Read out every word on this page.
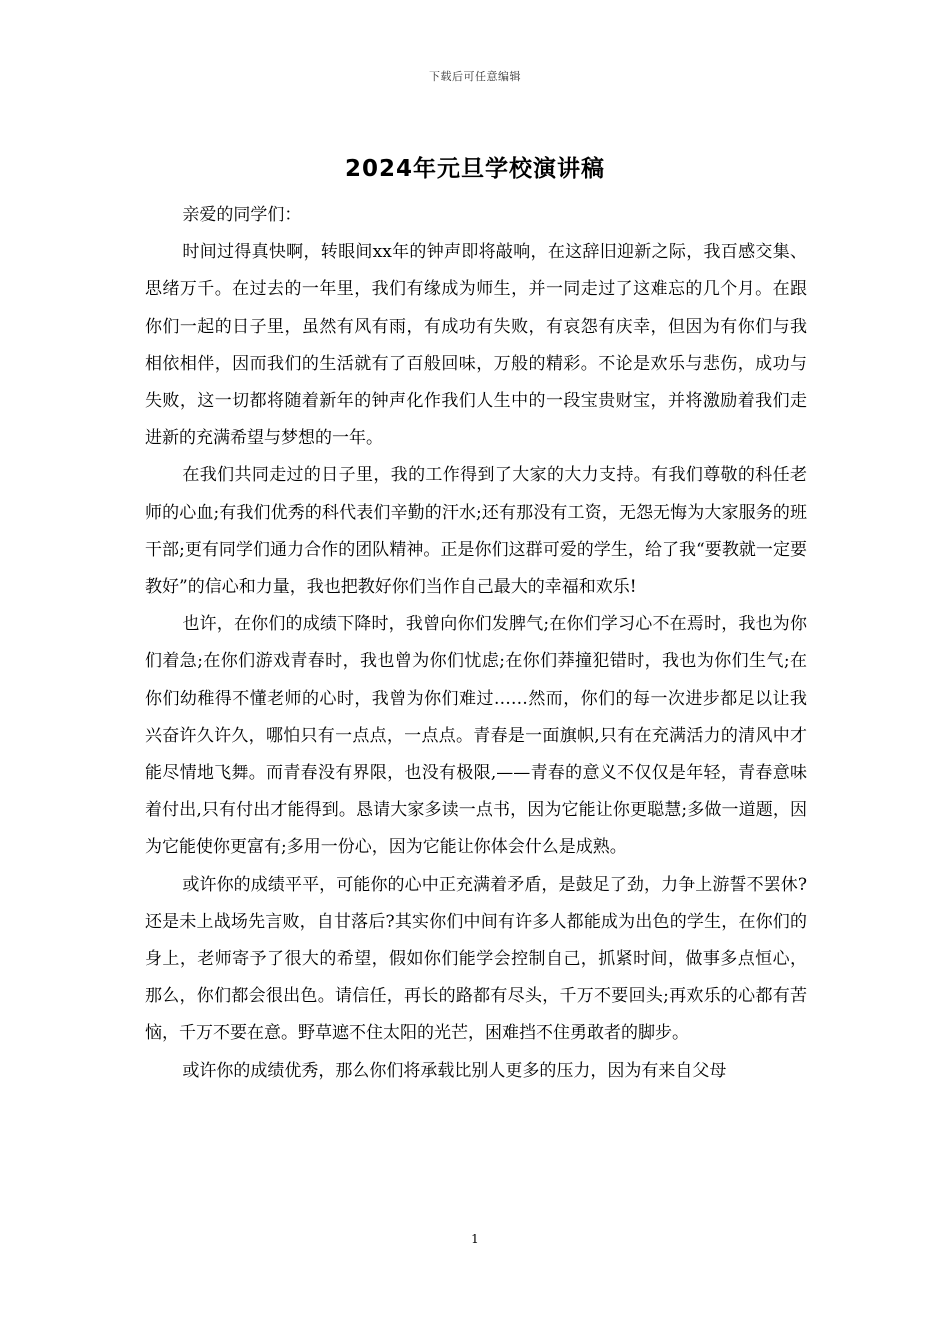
下载后可任意编辑
2024年元旦学校演讲稿

亲爱的同学们：

时间过得真快啊，转眼间xx年的钟声即将敲响，在这辞旧迎新之际，我百感交集、思绪万千。在过去的一年里，我们有缘成为师生，并一同走过了这难忘的几个月。在跟你们一起的日子里，虽然有风有雨，有成功有失败，有哀怨有庆幸，但因为有你们与我相依相伴，因而我们的生活就有了百般回味，万般的精彩。不论是欢乐与悲伤，成功与失败，这一切都将随着新年的钟声化作我们人生中的一段宝贵财宝，并将激励着我们走进新的充满希望与梦想的一年。

在我们共同走过的日子里，我的工作得到了大家的大力支持。有我们尊敬的科任老师的心血;有我们优秀的科代表们辛勤的汗水;还有那没有工资，无怨无悔为大家服务的班干部;更有同学们通力合作的团队精神。正是你们这群可爱的学生，给了我“要教就一定要教好”的信心和力量，我也把教好你们当作自己最大的幸福和欢乐!

也许，在你们的成绩下降时，我曾向你们发脾气;在你们学习心不在焉时，我也为你们着急;在你们游戏青春时，我也曾为你们忧虑;在你们莽撞犯错时，我也为你们生气;在你们幼稚得不懂老师的心时，我曾为你们难过……然而，你们的每一次进步都足以让我兴奋许久许久，哪怕只有一点点，一点点。青春是一面旗帜,只有在充满活力的清风中才能尽情地飞舞。而青春没有界限，也没有极限,——青春的意义不仅仅是年轻，青春意味着付出,只有付出才能得到。恳请大家多读一点书，因为它能让你更聪慧;多做一道题，因为它能使你更富有;多用一份心，因为它能让你体会什么是成熟。

或许你的成绩平平，可能你的心中正充满着矛盾，是鼓足了劲，力争上游誓不罢休?还是未上战场先言败，自甘落后?其实你们中间有许多人都能成为出色的学生，在你们的身上，老师寄予了很大的希望，假如你们能学会控制自己，抓紧时间，做事多点恒心，那么，你们都会很出色。请信任，再长的路都有尽头，千万不要回头;再欢乐的心都有苦恼，千万不要在意。野草遮不住太阳的光芒，困难挡不住勇敢者的脚步。

或许你的成绩优秀，那么你们将承载比别人更多的压力，因为有来自父母

1
